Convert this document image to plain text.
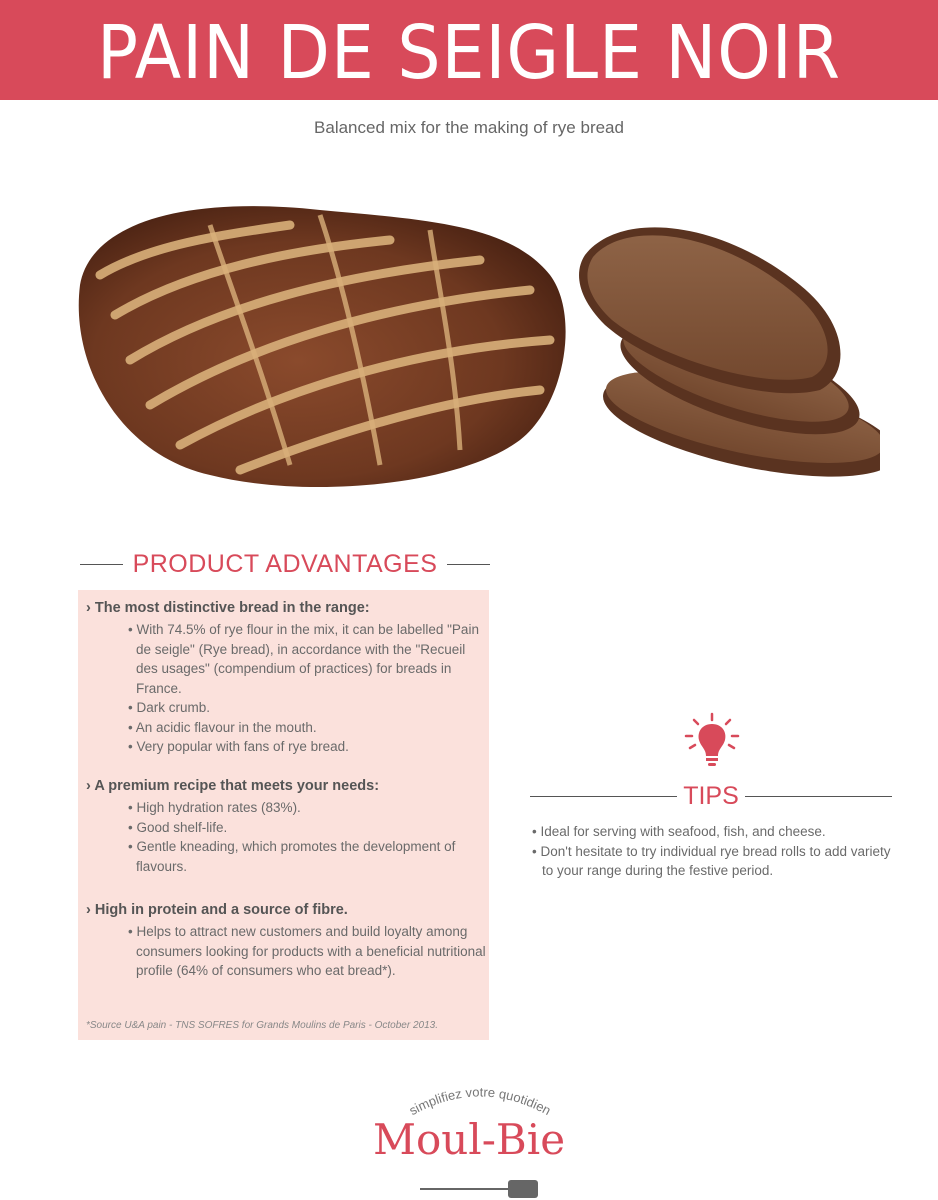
PAIN DE SEIGLE NOIR
Balanced mix for the making of rye bread
PRODUCT ADVANTAGES
› The most distinctive bread in the range:
• With 74.5% of rye flour in the mix, it can be labelled "Pain de seigle" (Rye bread), in accordance with the "Recueil des usages" (compendium of practices) for breads in France.
• Dark crumb.
• An acidic flavour in the mouth.
• Very popular with fans of rye bread.
› A premium recipe that meets your needs:
• High hydration rates (83%).
• Good shelf-life.
• Gentle kneading, which promotes the development of flavours.
› High in protein and a source of fibre.
• Helps to attract new customers and build loyalty among consumers looking for products with a beneficial nutritional profile (64% of consumers who eat bread*).
*Source U&A pain - TNS SOFRES for Grands Moulins de Paris - October 2013.
TIPS
• Ideal for serving with seafood, fish, and cheese.
• Don't hesitate to try individual rye bread rolls to add variety to your range during the festive period.
simplifiez votre quotidien
Moul-Bie
